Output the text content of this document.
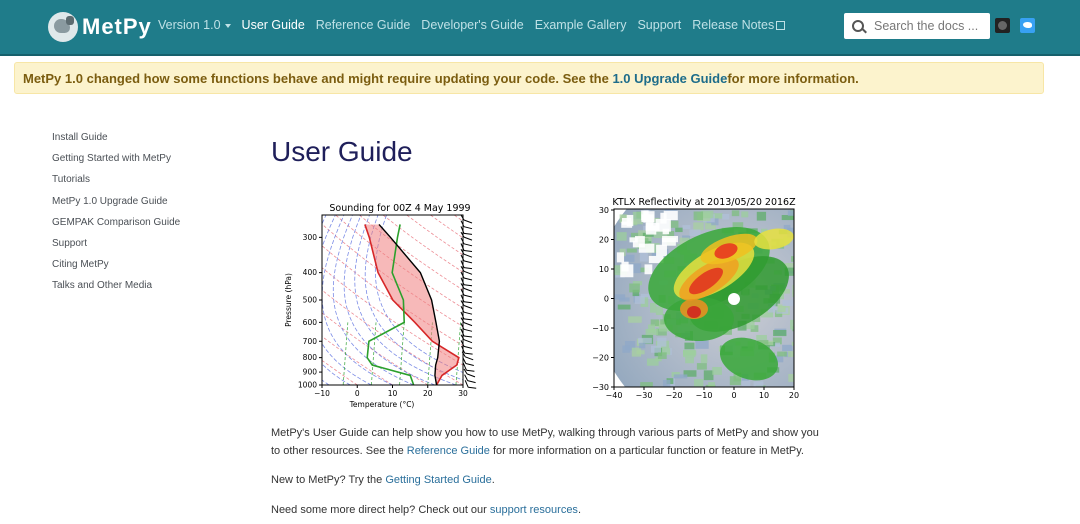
MetPy Version 1.0	User Guide Reference Guide Developer's Guide Example Gallery Support Release Notes
Search the docs ...
MetPy 1.0 changed how some functions behave and might require updating your code. See the
1.0 Upgrade Guide for more information.
Install Guide
Getting Started with MetPy
Tutorials
MetPy 1.0 Upgrade Guide
GEMPAK Comparison Guide
Support
Citing MetPy
Talks and Other Media
User Guide
Sounding for 00Z 4 May 1999
−10	0	10	20	30
300
400
500
600
700
800
900
1000
Temperature (°C)
Pressure (hPa)
KTLX Reflectivity at 2013/05/20 2016Z
−40 −30 −20 −10 0	10 20
30
20
10
0
−10
−20
−30
MetPy's User Guide can help show you how to use MetPy, walking through various parts of MetPy and show you to other resources. See the Reference Guide for more information on a particular function or feature in MetPy.
New to MetPy? Try the Getting Started Guide.
Need some more direct help? Check out our support resources.
